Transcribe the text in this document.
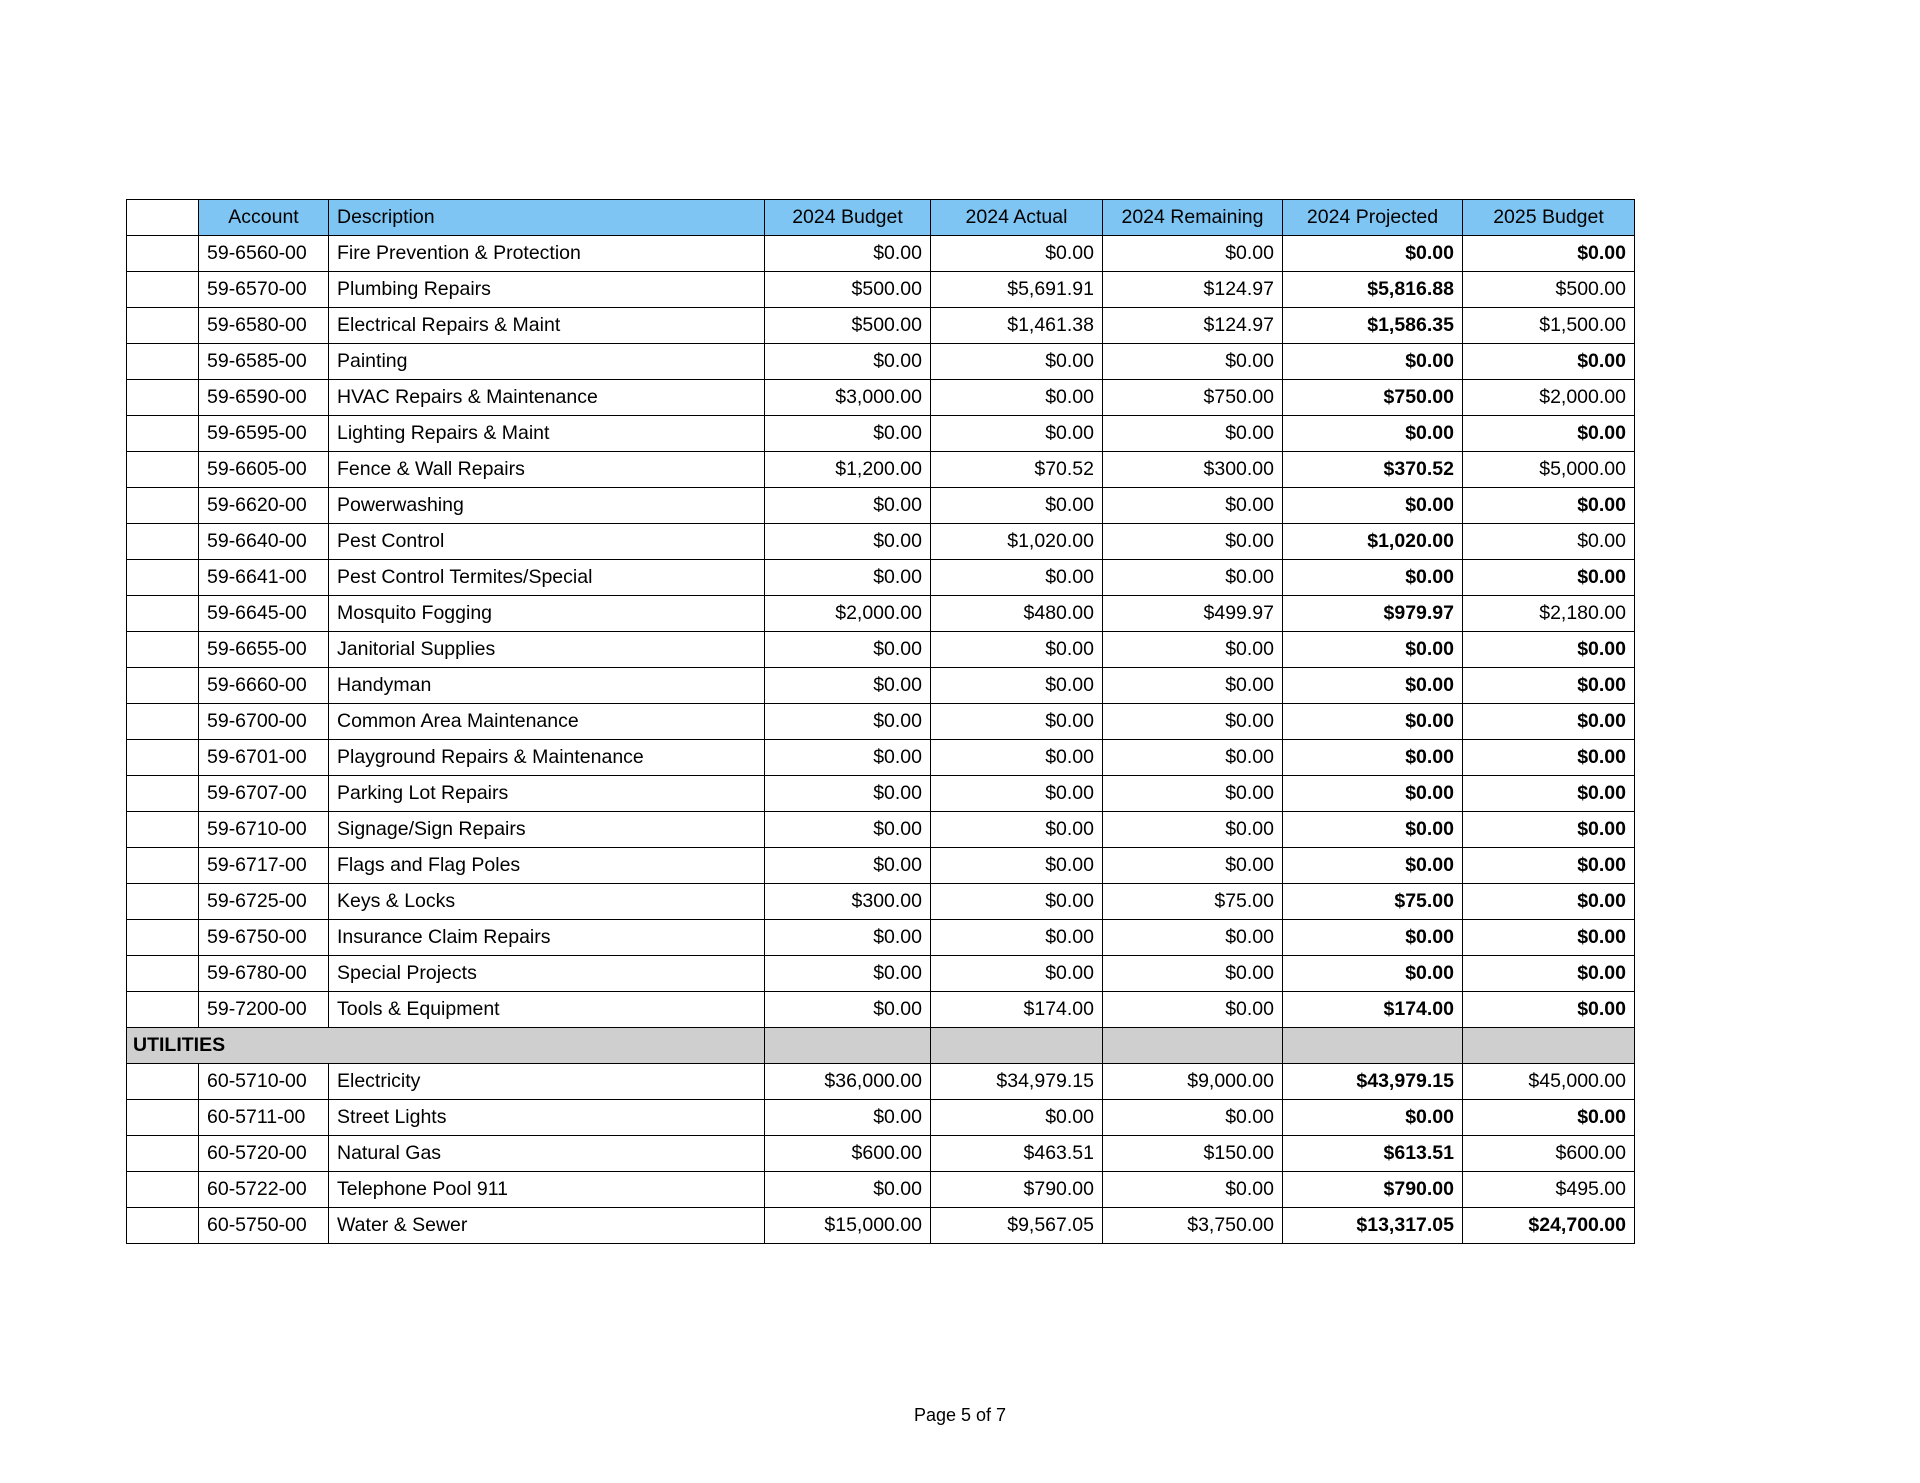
	Account	Description	2024 Budget	2024 Actual	2024 Remaining	2024 Projected	2025 Budget
	59-6560-00	Fire Prevention & Protection	$0.00	$0.00	$0.00	$0.00	$0.00
	59-6570-00	Plumbing Repairs	$500.00	$5,691.91	$124.97	$5,816.88	$500.00
	59-6580-00	Electrical Repairs & Maint	$500.00	$1,461.38	$124.97	$1,586.35	$1,500.00
	59-6585-00	Painting	$0.00	$0.00	$0.00	$0.00	$0.00
	59-6590-00	HVAC Repairs & Maintenance	$3,000.00	$0.00	$750.00	$750.00	$2,000.00
	59-6595-00	Lighting Repairs & Maint	$0.00	$0.00	$0.00	$0.00	$0.00
	59-6605-00	Fence & Wall Repairs	$1,200.00	$70.52	$300.00	$370.52	$5,000.00
	59-6620-00	Powerwashing	$0.00	$0.00	$0.00	$0.00	$0.00
	59-6640-00	Pest Control	$0.00	$1,020.00	$0.00	$1,020.00	$0.00
	59-6641-00	Pest Control Termites/Special	$0.00	$0.00	$0.00	$0.00	$0.00
	59-6645-00	Mosquito Fogging	$2,000.00	$480.00	$499.97	$979.97	$2,180.00
	59-6655-00	Janitorial Supplies	$0.00	$0.00	$0.00	$0.00	$0.00
	59-6660-00	Handyman	$0.00	$0.00	$0.00	$0.00	$0.00
	59-6700-00	Common Area Maintenance	$0.00	$0.00	$0.00	$0.00	$0.00
	59-6701-00	Playground Repairs & Maintenance	$0.00	$0.00	$0.00	$0.00	$0.00
	59-6707-00	Parking Lot Repairs	$0.00	$0.00	$0.00	$0.00	$0.00
	59-6710-00	Signage/Sign Repairs	$0.00	$0.00	$0.00	$0.00	$0.00
	59-6717-00	Flags and Flag Poles	$0.00	$0.00	$0.00	$0.00	$0.00
	59-6725-00	Keys & Locks	$300.00	$0.00	$75.00	$75.00	$0.00
	59-6750-00	Insurance Claim Repairs	$0.00	$0.00	$0.00	$0.00	$0.00
	59-6780-00	Special Projects	$0.00	$0.00	$0.00	$0.00	$0.00
	59-7200-00	Tools & Equipment	$0.00	$174.00	$0.00	$174.00	$0.00
UTILITIES							
	60-5710-00	Electricity	$36,000.00	$34,979.15	$9,000.00	$43,979.15	$45,000.00
	60-5711-00	Street Lights	$0.00	$0.00	$0.00	$0.00	$0.00
	60-5720-00	Natural Gas	$600.00	$463.51	$150.00	$613.51	$600.00
	60-5722-00	Telephone Pool 911	$0.00	$790.00	$0.00	$790.00	$495.00
	60-5750-00	Water & Sewer	$15,000.00	$9,567.05	$3,750.00	$13,317.05	$24,700.00
Page 5 of 7
